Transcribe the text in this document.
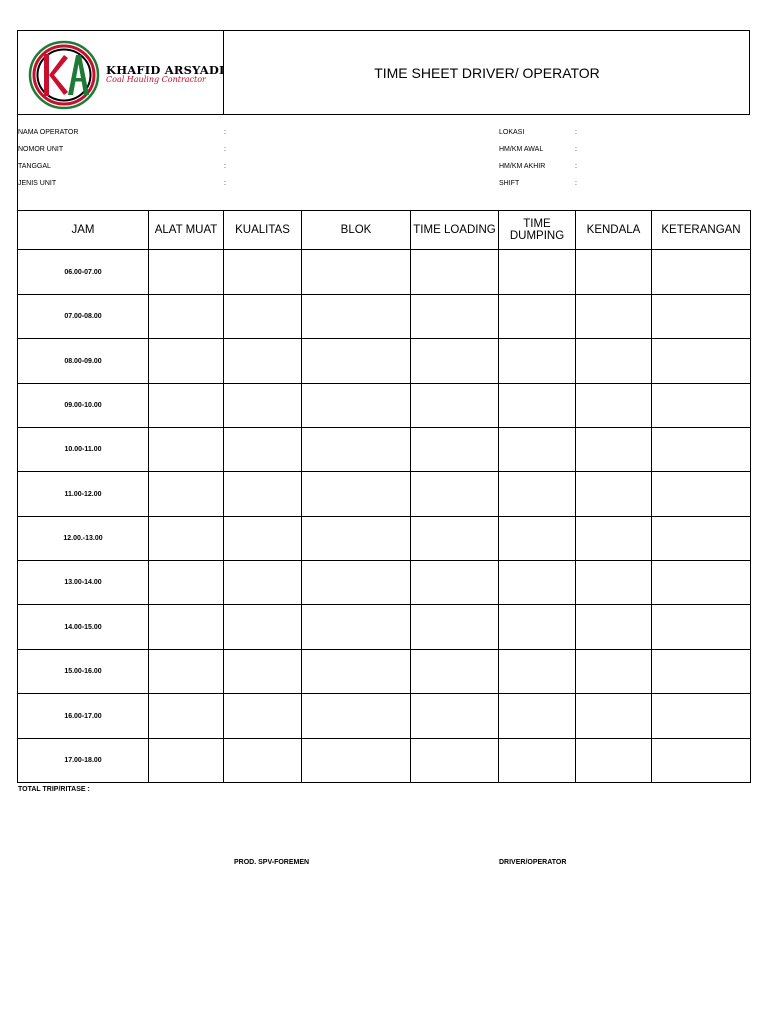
KHAFID ARSYADI
Coal Hauling Contractor	TIME SHEET DRIVER/ OPERATOR
NAMA OPERATOR	:
NOMOR UNIT	:
TANGGAL	:
JENIS UNIT	:
LOKASI	:
HM/KM AWAL	:
HM/KM AKHIR	:
SHIFT	:
JAM	ALAT MUAT	KUALITAS	BLOK	TIME LOADING	TIME DUMPING	KENDALA	KETERANGAN
06.00-07.00
07.00-08.00
08.00-09.00
09.00-10.00
10.00-11.00
11.00-12.00
12.00.-13.00
13.00-14.00
14.00-15.00
15.00-16.00
16.00-17.00
17.00-18.00
TOTAL TRIP/RITASE :
PROD. SPV-FOREMEN	DRIVER/OPERATOR
